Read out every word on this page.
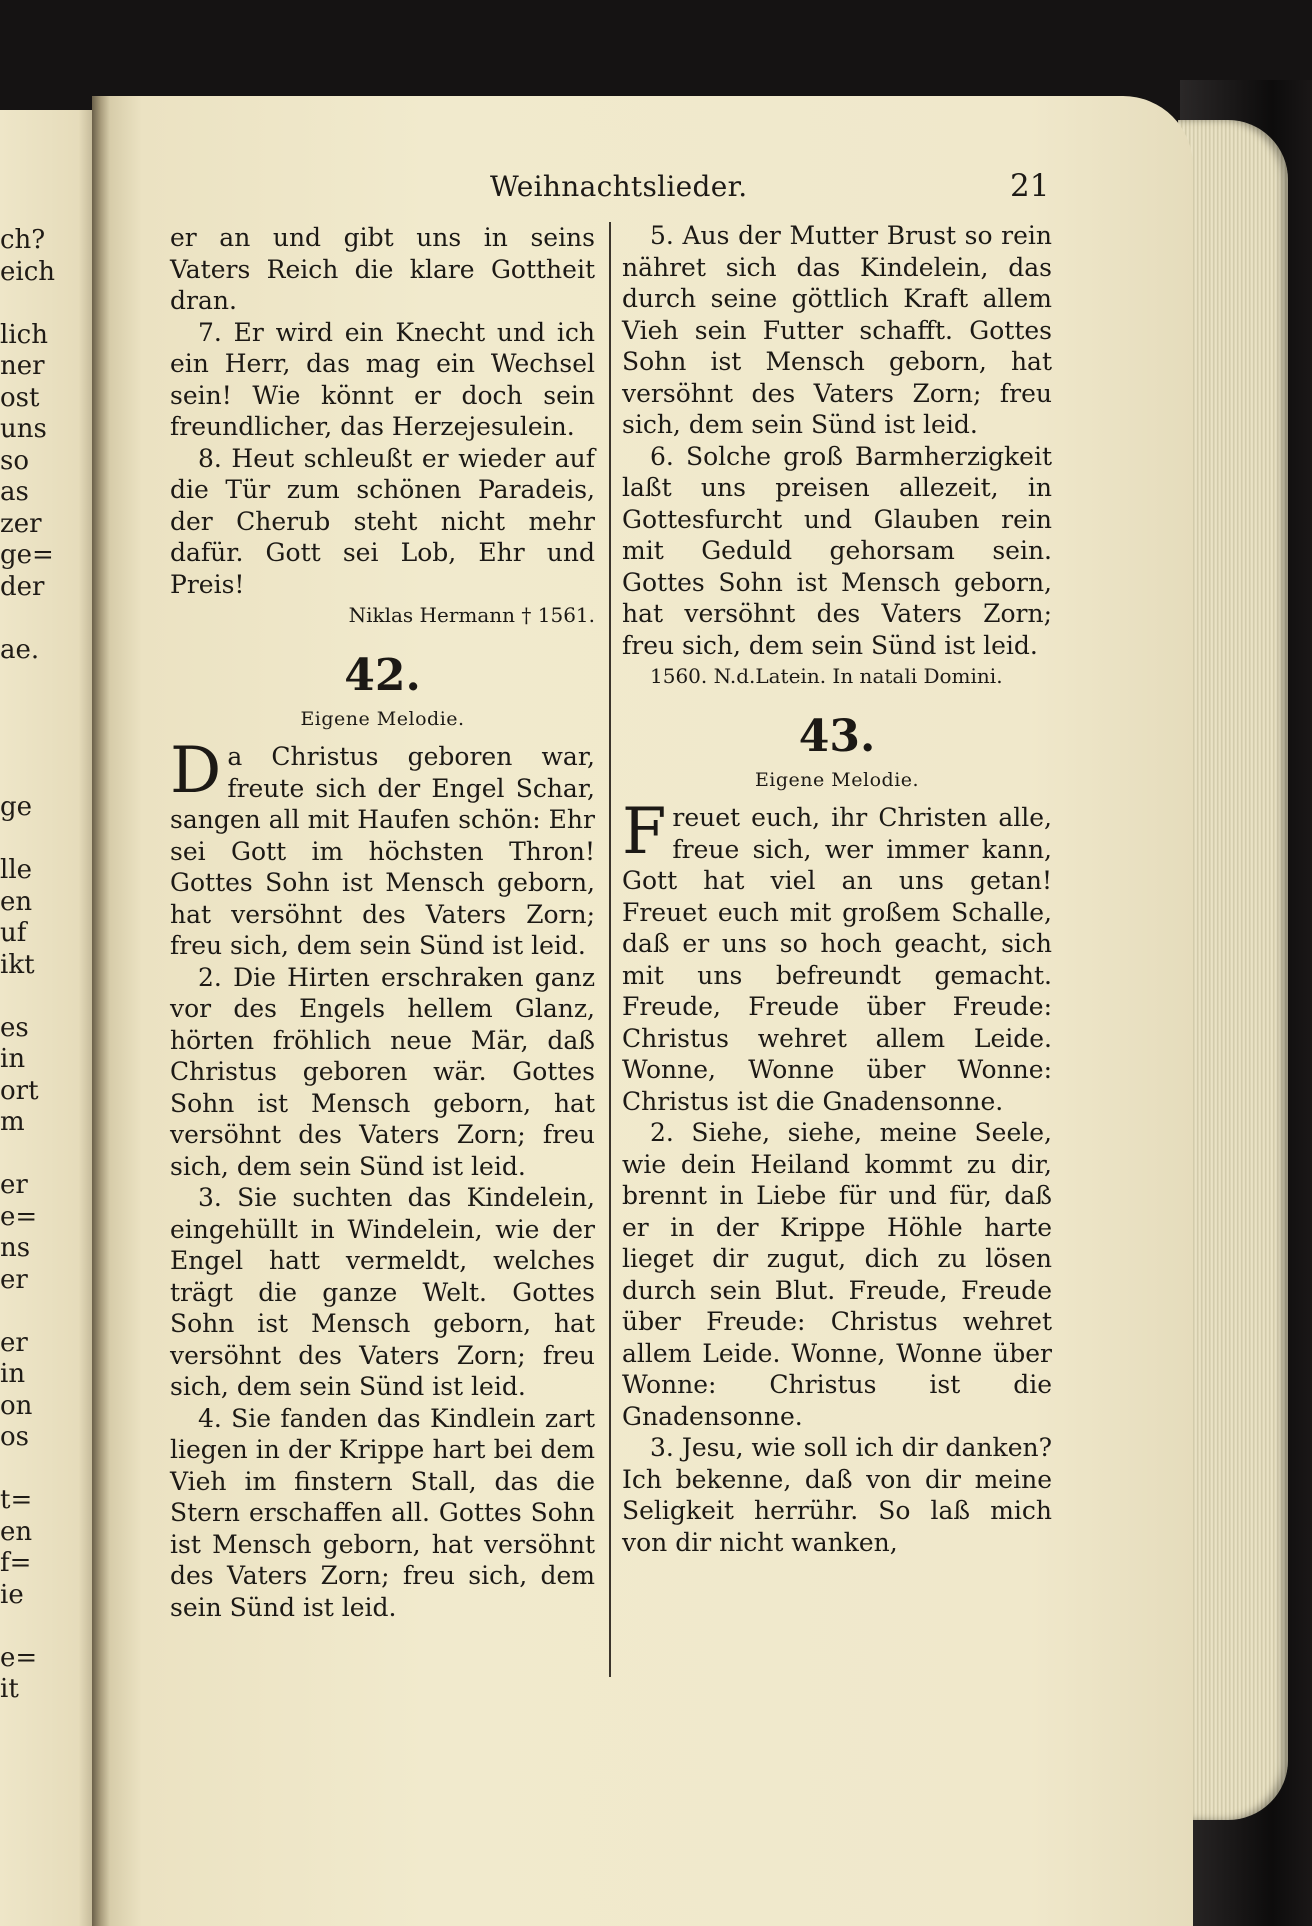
ch?
eich
lich
ner
ost
uns
so
as
zer
ge=
der
ae.
ge
lle
en
uf
ikt
es
in
ort
m
er
e=
ns
er
er
in
on
os
t=
en
f=
ie
e=
it
Weihnachtslieder.	21

er an und gibt uns in seins Vaters Reich die klare Gottheit dran.

7. Er wird ein Knecht und ich ein Herr, das mag ein Wechsel sein! Wie könnt er doch sein freundlicher, das Herzejesulein.

8. Heut schleußt er wieder auf die Tür zum schönen Paradeis, der Cherub steht nicht mehr dafür. Gott sei Lob, Ehr und Preis!

Niklas Hermann † 1561.

42.
Eigene Melodie.

Da Christus geboren war, freute sich der Engel Schar, sangen all mit Haufen schön: Ehr sei Gott im höchsten Thron! Gottes Sohn ist Mensch geborn, hat versöhnt des Vaters Zorn; freu sich, dem sein Sünd ist leid.

2. Die Hirten erschraken ganz vor des Engels hellem Glanz, hörten fröhlich neue Mär, daß Christus geboren wär. Gottes Sohn ist Mensch geborn, hat versöhnt des Vaters Zorn; freu sich, dem sein Sünd ist leid.

3. Sie suchten das Kindelein, eingehüllt in Windelein, wie der Engel hatt vermeldt, welches trägt die ganze Welt. Gottes Sohn ist Mensch geborn, hat versöhnt des Vaters Zorn; freu sich, dem sein Sünd ist leid.

4. Sie fanden das Kindlein zart liegen in der Krippe hart bei dem Vieh im finstern Stall, das die Stern erschaffen all. Gottes Sohn ist Mensch geborn, hat versöhnt des Vaters Zorn; freu sich, dem sein Sünd ist leid.

5. Aus der Mutter Brust so rein nähret sich das Kindelein, das durch seine göttlich Kraft allem Vieh sein Futter schafft. Gottes Sohn ist Mensch geborn, hat versöhnt des Vaters Zorn; freu sich, dem sein Sünd ist leid.

6. Solche groß Barmherzigkeit laßt uns preisen allezeit, in Gottesfurcht und Glauben rein mit Geduld gehorsam sein. Gottes Sohn ist Mensch geborn, hat versöhnt des Vaters Zorn; freu sich, dem sein Sünd ist leid.

1560. N.d.Latein. In natali Domini.

43.
Eigene Melodie.

Freuet euch, ihr Christen alle, freue sich, wer immer kann, Gott hat viel an uns getan! Freuet euch mit großem Schalle, daß er uns so hoch geacht, sich mit uns befreundt gemacht. Freude, Freude über Freude: Christus wehret allem Leide. Wonne, Wonne über Wonne: Christus ist die Gnadensonne.

2. Siehe, siehe, meine Seele, wie dein Heiland kommt zu dir, brennt in Liebe für und für, daß er in der Krippe Höhle harte lieget dir zugut, dich zu lösen durch sein Blut. Freude, Freude über Freude: Christus wehret allem Leide. Wonne, Wonne über Wonne: Christus ist die Gnadensonne.

3. Jesu, wie soll ich dir danken? Ich bekenne, daß von dir meine Seligkeit herrühr. So laß mich von dir nicht wanken,
